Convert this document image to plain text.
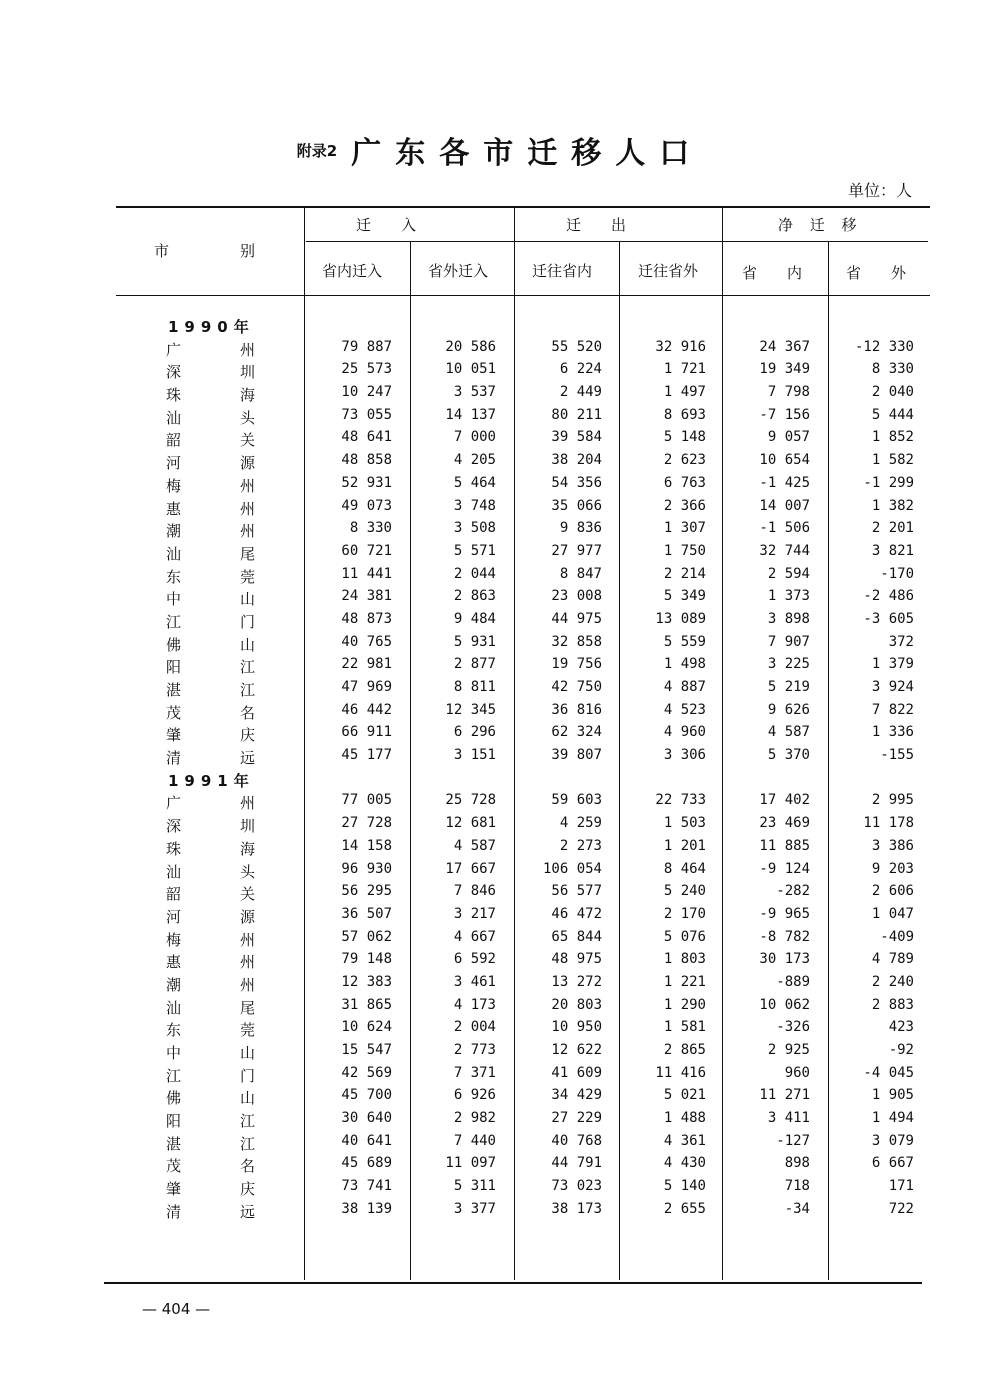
附录2 广东各市迁移人口
单位：人
市	别
迁　　入	迁　　出	净 迁 移
省内迁入	省外迁入	迁往省内	迁往省外	省　　内	省　　外
1990年
广	州	79 887	20 586	55 520	32 916	24 367	-12 330
深	圳	25 573	10 051	6 224	1 721	19 349	8 330
珠	海	10 247	3 537	2 449	1 497	7 798	2 040
汕	头	73 055	14 137	80 211	8 693	-7 156	5 444
韶	关	48 641	7 000	39 584	5 148	9 057	1 852
河	源	48 858	4 205	38 204	2 623	10 654	1 582
梅	州	52 931	5 464	54 356	6 763	-1 425	-1 299
惠	州	49 073	3 748	35 066	2 366	14 007	1 382
潮	州	8 330	3 508	9 836	1 307	-1 506	2 201
汕	尾	60 721	5 571	27 977	1 750	32 744	3 821
东	莞	11 441	2 044	8 847	2 214	2 594	-170
中	山	24 381	2 863	23 008	5 349	1 373	-2 486
江	门	48 873	9 484	44 975	13 089	3 898	-3 605
佛	山	40 765	5 931	32 858	5 559	7 907	372
阳	江	22 981	2 877	19 756	1 498	3 225	1 379
湛	江	47 969	8 811	42 750	4 887	5 219	3 924
茂	名	46 442	12 345	36 816	4 523	9 626	7 822
肇	庆	66 911	6 296	62 324	4 960	4 587	1 336
清	远	45 177	3 151	39 807	3 306	5 370	-155
1991年
广	州	77 005	25 728	59 603	22 733	17 402	2 995
深	圳	27 728	12 681	4 259	1 503	23 469	11 178
珠	海	14 158	4 587	2 273	1 201	11 885	3 386
汕	头	96 930	17 667	106 054	8 464	-9 124	9 203
韶	关	56 295	7 846	56 577	5 240	-282	2 606
河	源	36 507	3 217	46 472	2 170	-9 965	1 047
梅	州	57 062	4 667	65 844	5 076	-8 782	-409
惠	州	79 148	6 592	48 975	1 803	30 173	4 789
潮	州	12 383	3 461	13 272	1 221	-889	2 240
汕	尾	31 865	4 173	20 803	1 290	10 062	2 883
东	莞	10 624	2 004	10 950	1 581	-326	423
中	山	15 547	2 773	12 622	2 865	2 925	-92
江	门	42 569	7 371	41 609	11 416	960	-4 045
佛	山	45 700	6 926	34 429	5 021	11 271	1 905
阳	江	30 640	2 982	27 229	1 488	3 411	1 494
湛	江	40 641	7 440	40 768	4 361	-127	3 079
茂	名	45 689	11 097	44 791	4 430	898	6 667
肇	庆	73 741	5 311	73 023	5 140	718	171
清	远	38 139	3 377	38 173	2 655	-34	722
— 404 —
